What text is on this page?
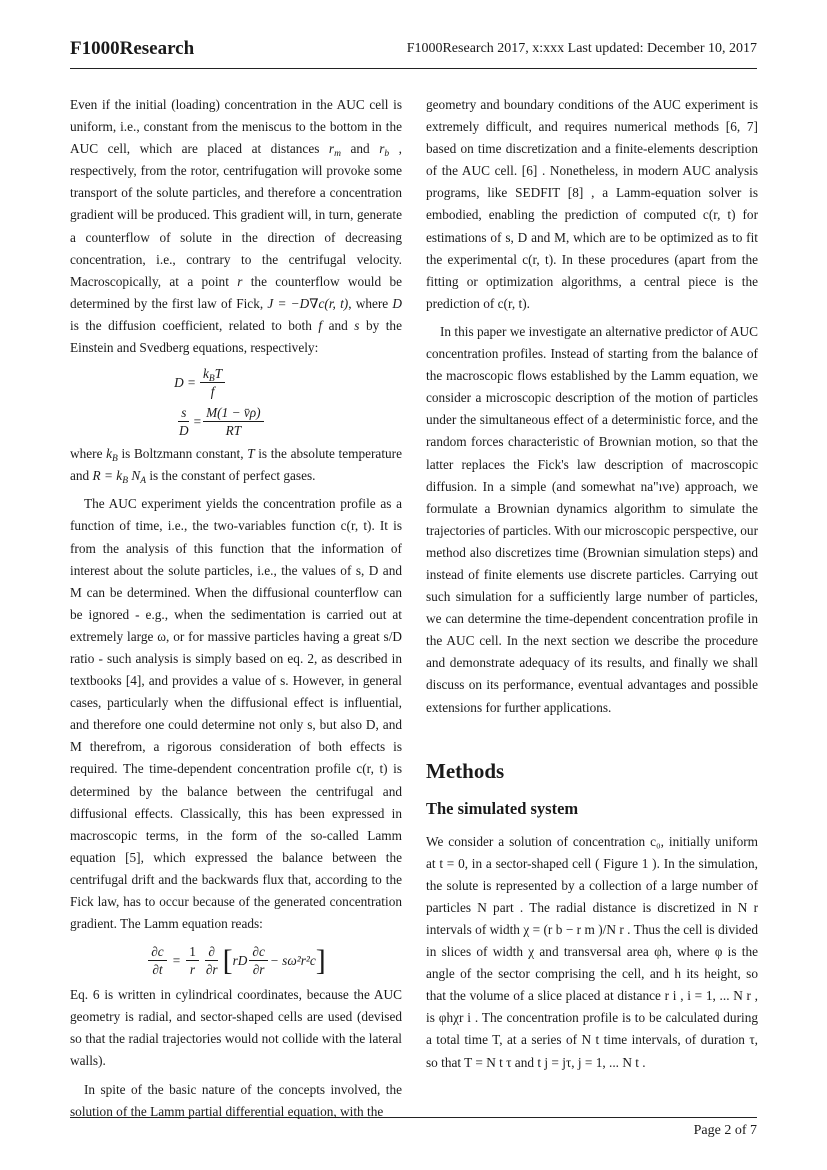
F1000Research	F1000Research 2017, x:xxx Last updated: December 10, 2017

Even if the initial (loading) concentration in the AUC cell is uniform, i.e., constant from the meniscus to the bottom in the AUC cell, which are placed at distances $r_m$ and $r_b$ , respectively, from the rotor, centrifugation will provoke some transport of the solute particles, and therefore a concentration gradient will be produced. This gradient will, in turn, generate a counterflow of solute in the direction of decreasing concentration, i.e., contrary to the centrifugal velocity. Macroscopically, at a point r the counterflow would be determined by the first law of Fick, J = −D∇c(r, t), where D is the diffusion coefficient, related to both f and s by the Einstein and Svedberg equations, respectively:

$D = \frac{k_BT}{f}$
$\frac{s}{D} = \frac{M(1 - v̄\rho)}{RT}$

where $k_B$ is Boltzmann constant, T is the absolute temperature and $R = k_B$ $N_A$ is the constant of perfect gases.

The AUC experiment yields the concentration profile as a function of time, i.e., the two-variables function c(r, t). It is from the analysis of this function that the information of interest about the solute particles, i.e., the values of s, D and M can be determined. When the diffusional counterflow can be ignored - e.g., when the sedimentation is carried out at extremely large ω, or for massive particles having a great s/D ratio - such analysis is simply based on eq. 2, as described in textbooks [4], and provides a value of s. However, in general cases, particularly when the diffusional effect is influential, and therefore one could determine not only s, but also D, and M therefrom, a rigorous consideration of both effects is required. The time-dependent concentration profile c(r, t) is determined by the balance between the centrifugal and diffusional effects. Classically, this has been expressed in macroscopic terms, in the form of the so-called Lamm equation [5], which expressed the balance between the centrifugal drift and the backwards flux that, according to the Fick law, has to occur because of the generated concentration gradient. The Lamm equation reads:

$\frac{\partial c}{\partial t} = \frac{1}{r} \frac{\partial}{\partial r}$ [ rD $\frac{\partial c}{\partial r} - s\omega^2r^2c$ ]

Eq. 6 is written in cylindrical coordinates, because the AUC geometry is radial, and sector-shaped cells are used (devised so that the radial trajectories would not collide with the lateral walls).

In spite of the basic nature of the concepts involved, the solution of the Lamm partial differential equation, with the

geometry and boundary conditions of the AUC experiment is extremely difficult, and requires numerical methods [6, 7] based on time discretization and a finite-elements description of the AUC cell. [6] . Nonetheless, in modern AUC analysis programs, like SEDFIT [8] , a Lamm-equation solver is embodied, enabling the prediction of computed c(r, t) for estimations of s, D and M, which are to be optimized as to fit the experimental c(r, t). In these procedures (apart from the fitting or optimization algorithms, a central piece is the prediction of c(r, t).

In this paper we investigate an alternative predictor of AUC concentration profiles. Instead of starting from the balance of the macroscopic flows established by the Lamm equation, we consider a microscopic description of the motion of particles under the simultaneous effect of a deterministic force, and the random forces characteristic of Brownian motion, so that the latter replaces the Fick's law description of macroscopic diffusion. In a simple (and somewhat na"ıve) approach, we formulate a Brownian dynamics algorithm to simulate the trajectories of particles. With our microscopic perspective, our method also discretizes time (Brownian simulation steps) and instead of finite elements use discrete particles. Carrying out such simulation for a sufficiently large number of particles, we can determine the time-dependent concentration profile in the AUC cell. In the next section we describe the procedure and demonstrate adequacy of its results, and finally we shall discuss on its performance, eventual advantages and possible extensions for further applications.

Methods
The simulated system

We consider a solution of concentration c₀, initially uniform at t = 0, in a sector-shaped cell ( Figure 1 ). In the simulation, the solute is represented by a collection of a large number of particles N part . The radial distance is discretized in N r intervals of width χ = (r b − r m )/N r . Thus the cell is divided in slices of width χ and transversal area φh, where φ is the angle of the sector comprising the cell, and h its height, so that the volume of a slice placed at distance r i , i = 1, ... N r , is φhχr i . The concentration profile is to be calculated during a total time T, at a series of N t time intervals, of duration τ, so that T = N t τ and t j = jτ, j = 1, ... N t .

Page 2 of 7
